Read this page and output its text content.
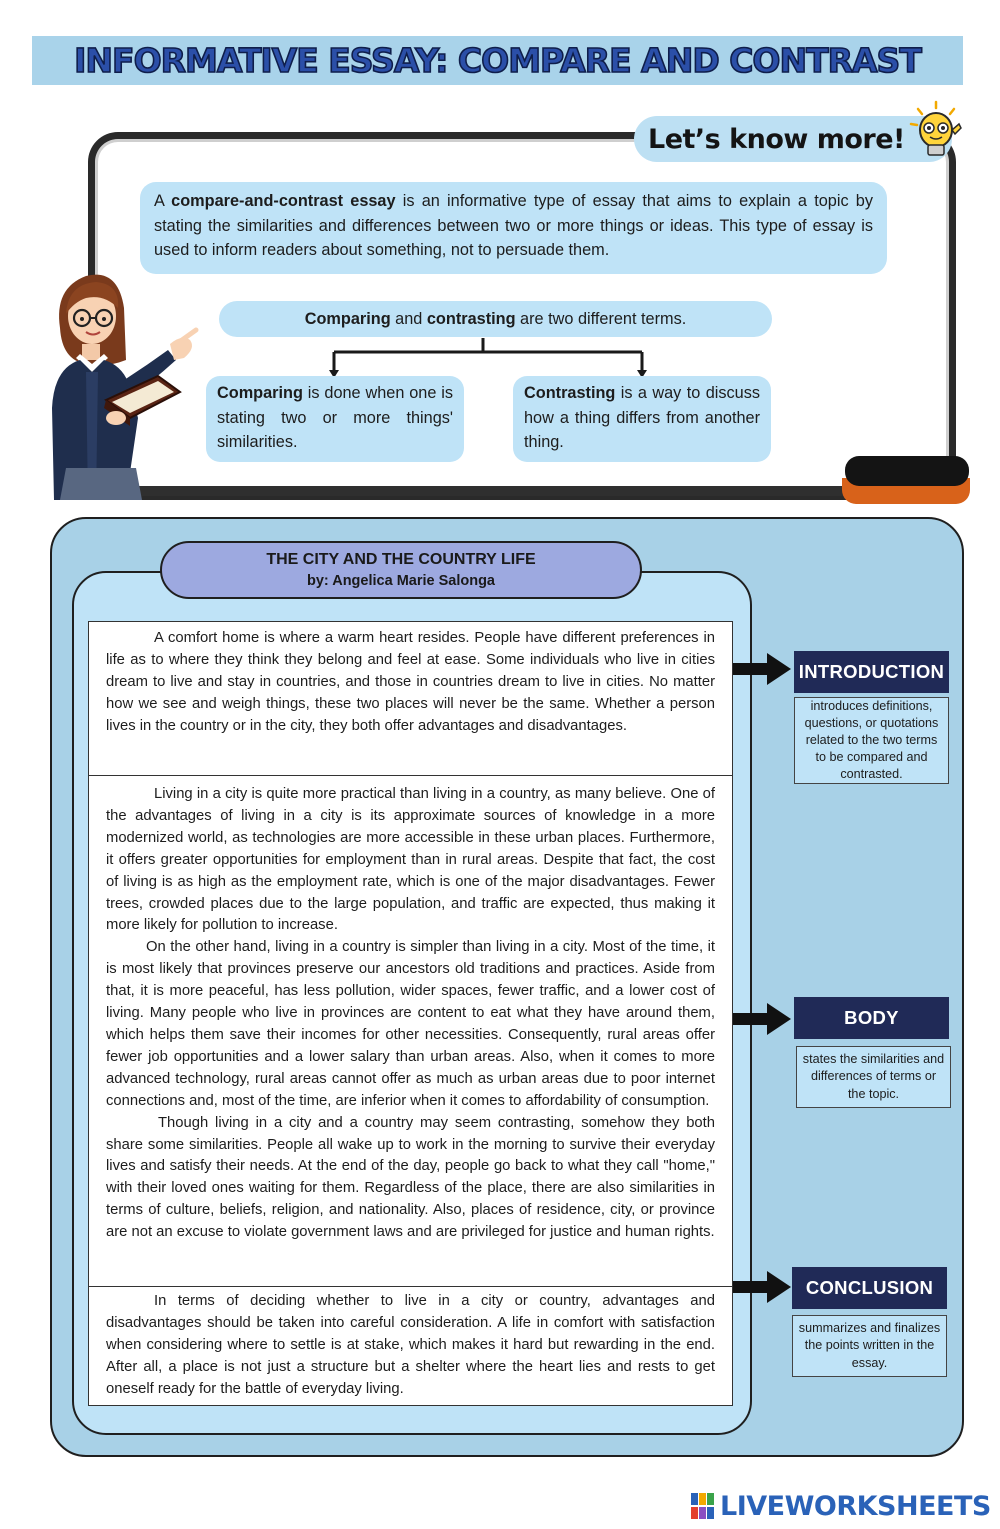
INFORMATIVE ESSAY: COMPARE AND CONTRAST
Let’s know more!
A compare-and-contrast essay is an informative type of essay that aims to explain a topic by stating the similarities and differences between two or more things or ideas. This type of essay is used to inform readers about something, not to persuade them.
Comparing and contrasting are two different terms.
Comparing is done when one is stating two or more things' similarities.
Contrasting is a way to discuss how a thing differs from another thing.
THE CITY AND THE COUNTRY LIFE
by: Angelica Marie Salonga

A comfort home is where a warm heart resides. People have different preferences in life as to where they think they belong and feel at ease. Some individuals who live in cities dream to live and stay in countries, and those in countries dream to live in cities. No matter how we see and weigh things, these two places will never be the same. Whether a person lives in the country or in the city, they both offer advantages and disadvantages.

Living in a city is quite more practical than living in a country, as many believe. One of the advantages of living in a city is its approximate sources of knowledge in a more modernized world, as technologies are more accessible in these urban places. Furthermore, it offers greater opportunities for employment than in rural areas. Despite that fact, the cost of living is as high as the employment rate, which is one of the major disadvantages. Fewer trees, crowded places due to the large population, and traffic are expected, thus making it more likely for pollution to increase.

On the other hand, living in a country is simpler than living in a city. Most of the time, it is most likely that provinces preserve our ancestors old traditions and practices. Aside from that, it is more peaceful, has less pollution, wider spaces, fewer traffic, and a lower cost of living. Many people who live in provinces are content to eat what they have around them, which helps them save their incomes for other necessities. Consequently, rural areas offer fewer job opportunities and a lower salary than urban areas. Also, when it comes to more advanced technology, rural areas cannot offer as much as urban areas due to poor internet connections and, most of the time, are inferior when it comes to affordability of consumption.

Though living in a city and a country may seem contrasting, somehow they both share some similarities. People all wake up to work in the morning to survive their everyday lives and satisfy their needs. At the end of the day, people go back to what they call "home," with their loved ones waiting for them. Regardless of the place, there are also similarities in terms of culture, beliefs, religion, and nationality. Also, places of residence, city, or province are not an excuse to violate government laws and are privileged for justice and human rights.

In terms of deciding whether to live in a city or country, advantages and disadvantages should be taken into careful consideration. A life in comfort with satisfaction when considering where to settle is at stake, which makes it hard but rewarding in the end. After all, a place is not just a structure but a shelter where the heart lies and rests to get oneself ready for the battle of everyday living.

INTRODUCTION
introduces definitions, questions, or quotations related to the two terms to be compared and contrasted.
BODY
states the similarities and differences of terms or the topic.
CONCLUSION
summarizes and finalizes the points written in the essay.
LIVEWORKSHEETS
